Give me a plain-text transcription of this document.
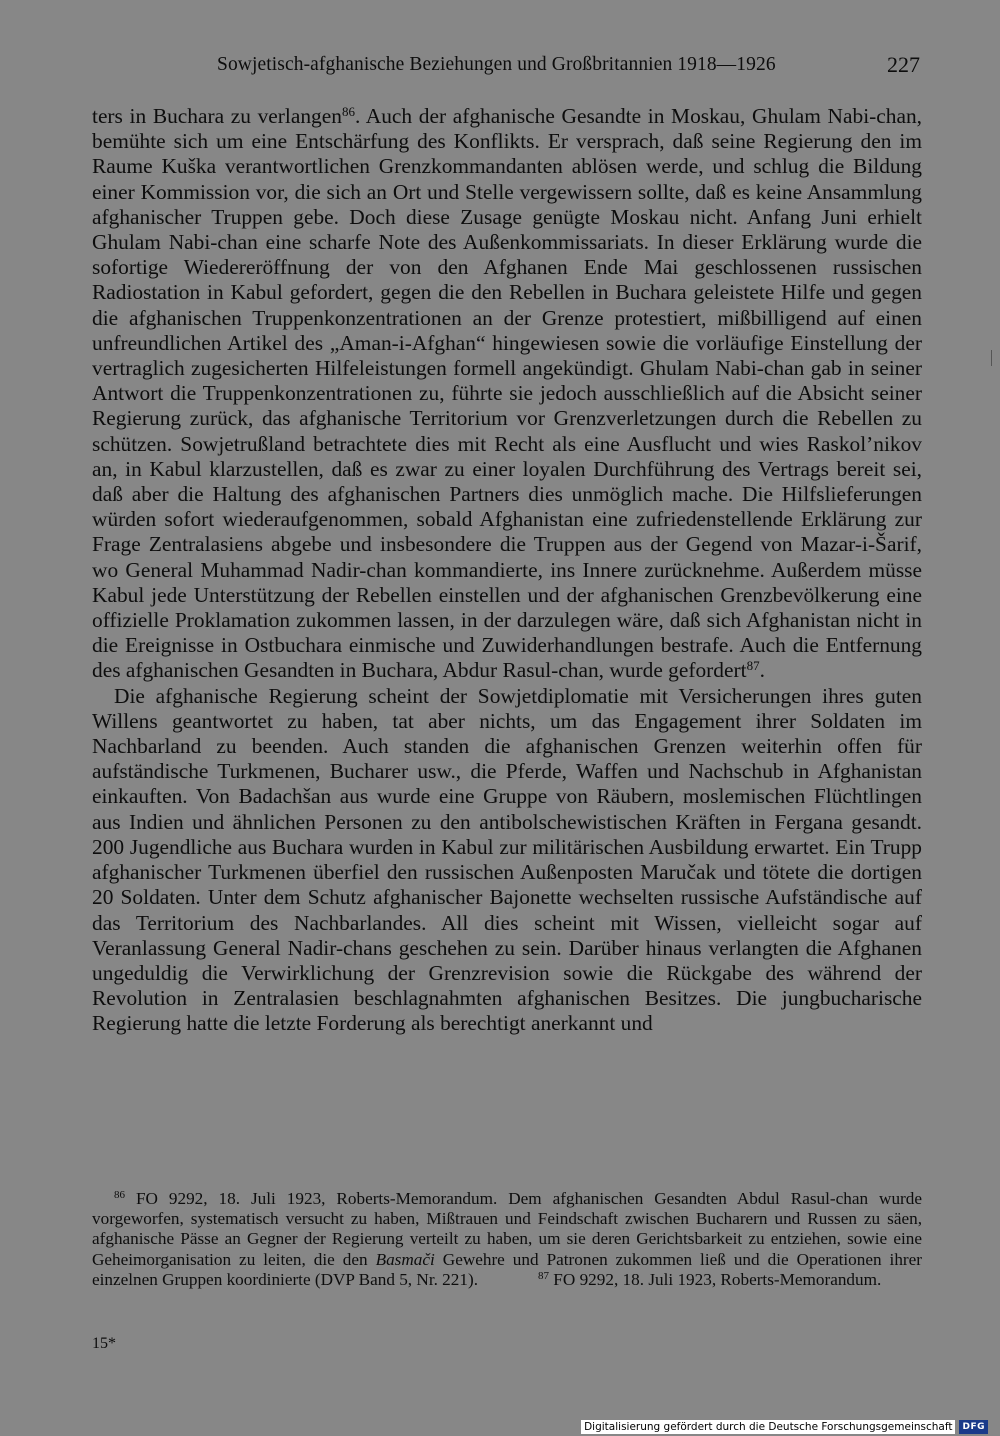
Sowjetisch-afghanische Beziehungen und Großbritannien 1918—1926	227

ters in Buchara zu verlangen$^{86}$. Auch der afghanische Gesandte in Moskau, Ghulam Nabi-chan, bemühte sich um eine Entschärfung des Konflikts. Er versprach, daß seine Regierung den im Raume Kuška verantwortlichen Grenzkommandanten ablösen werde, und schlug die Bildung einer Kommission vor, die sich an Ort und Stelle vergewissern sollte, daß es keine Ansammlung afghanischer Truppen gebe. Doch diese Zusage genügte Moskau nicht. Anfang Juni erhielt Ghulam Nabi-chan eine scharfe Note des Außenkommissariats. In dieser Erklärung wurde die sofortige Wiedereröffnung der von den Afghanen Ende Mai geschlossenen russischen Radiostation in Kabul gefordert, gegen die den Rebellen in Buchara geleistete Hilfe und gegen die afghanischen Truppenkonzentrationen an der Grenze protestiert, mißbilligend auf einen unfreundlichen Artikel des „Aman-i-Afghan“ hingewiesen sowie die vorläufige Einstellung der vertraglich zugesicherten Hilfeleistungen formell angekündigt. Ghulam Nabi-chan gab in seiner Antwort die Truppenkonzentrationen zu, führte sie jedoch ausschließlich auf die Absicht seiner Regierung zurück, das afghanische Territorium vor Grenzverletzungen durch die Rebellen zu schützen. Sowjetrußland betrachtete dies mit Recht als eine Ausflucht und wies Raskol’nikov an, in Kabul klarzustellen, daß es zwar zu einer loyalen Durchführung des Vertrags bereit sei, daß aber die Haltung des afghanischen Partners dies unmöglich mache. Die Hilfslieferungen würden sofort wiederaufgenommen, sobald Afghanistan eine zufriedenstellende Erklärung zur Frage Zentralasiens abgebe und insbesondere die Truppen aus der Gegend von Mazar-i-Šarif, wo General Muhammad Nadir-chan kommandierte, ins Innere zurücknehme. Außerdem müsse Kabul jede Unterstützung der Rebellen einstellen und der afghanischen Grenzbevölkerung eine offizielle Proklamation zukommen lassen, in der darzulegen wäre, daß sich Afghanistan nicht in die Ereignisse in Ostbuchara einmische und Zuwiderhandlungen bestrafe. Auch die Entfernung des afghanischen Gesandten in Buchara, Abdur Rasul-chan, wurde gefordert$^{87}$.

Die afghanische Regierung scheint der Sowjetdiplomatie mit Versicherungen ihres guten Willens geantwortet zu haben, tat aber nichts, um das Engagement ihrer Soldaten im Nachbarland zu beenden. Auch standen die afghanischen Grenzen weiterhin offen für aufständische Turkmenen, Bucharer usw., die Pferde, Waffen und Nachschub in Afghanistan einkauften. Von Badachšan aus wurde eine Gruppe von Räubern, moslemischen Flüchtlingen aus Indien und ähnlichen Personen zu den antibolschewistischen Kräften in Fergana gesandt. 200 Jugendliche aus Buchara wurden in Kabul zur militärischen Ausbildung erwartet. Ein Trupp afghanischer Turkmenen überfiel den russischen Außenposten Maručak und tötete die dortigen 20 Soldaten. Unter dem Schutz afghanischer Bajonette wechselten russische Aufständische auf das Territorium des Nachbarlandes. All dies scheint mit Wissen, vielleicht sogar auf Veranlassung General Nadir-chans geschehen zu sein. Darüber hinaus verlangten die Afghanen ungeduldig die Verwirklichung der Grenzrevision sowie die Rückgabe des während der Revolution in Zentralasien beschlagnahmten afghanischen Besitzes. Die jungbucharische Regierung hatte die letzte Forderung als berechtigt anerkannt und

$^{86}$ FO 9292, 18. Juli 1923, Roberts-Memorandum. Dem afghanischen Gesandten Abdul Rasul-chan wurde vorgeworfen, systematisch versucht zu haben, Mißtrauen und Feindschaft zwischen Bucharern und Russen zu säen, afghanische Pässe an Gegner der Regierung verteilt zu haben, um sie deren Gerichtsbarkeit zu entziehen, sowie eine Geheimorganisation zu leiten, die den Basmači Gewehre und Patronen zukommen ließ und die Operationen ihrer einzelnen Gruppen koordinierte (DVP Band 5, Nr. 221).	$^{87}$ FO 9292, 18. Juli 1923, Roberts-Memorandum.

15*
Digitalisierung gefördert durch die Deutsche Forschungsgemeinschaft	DFG
